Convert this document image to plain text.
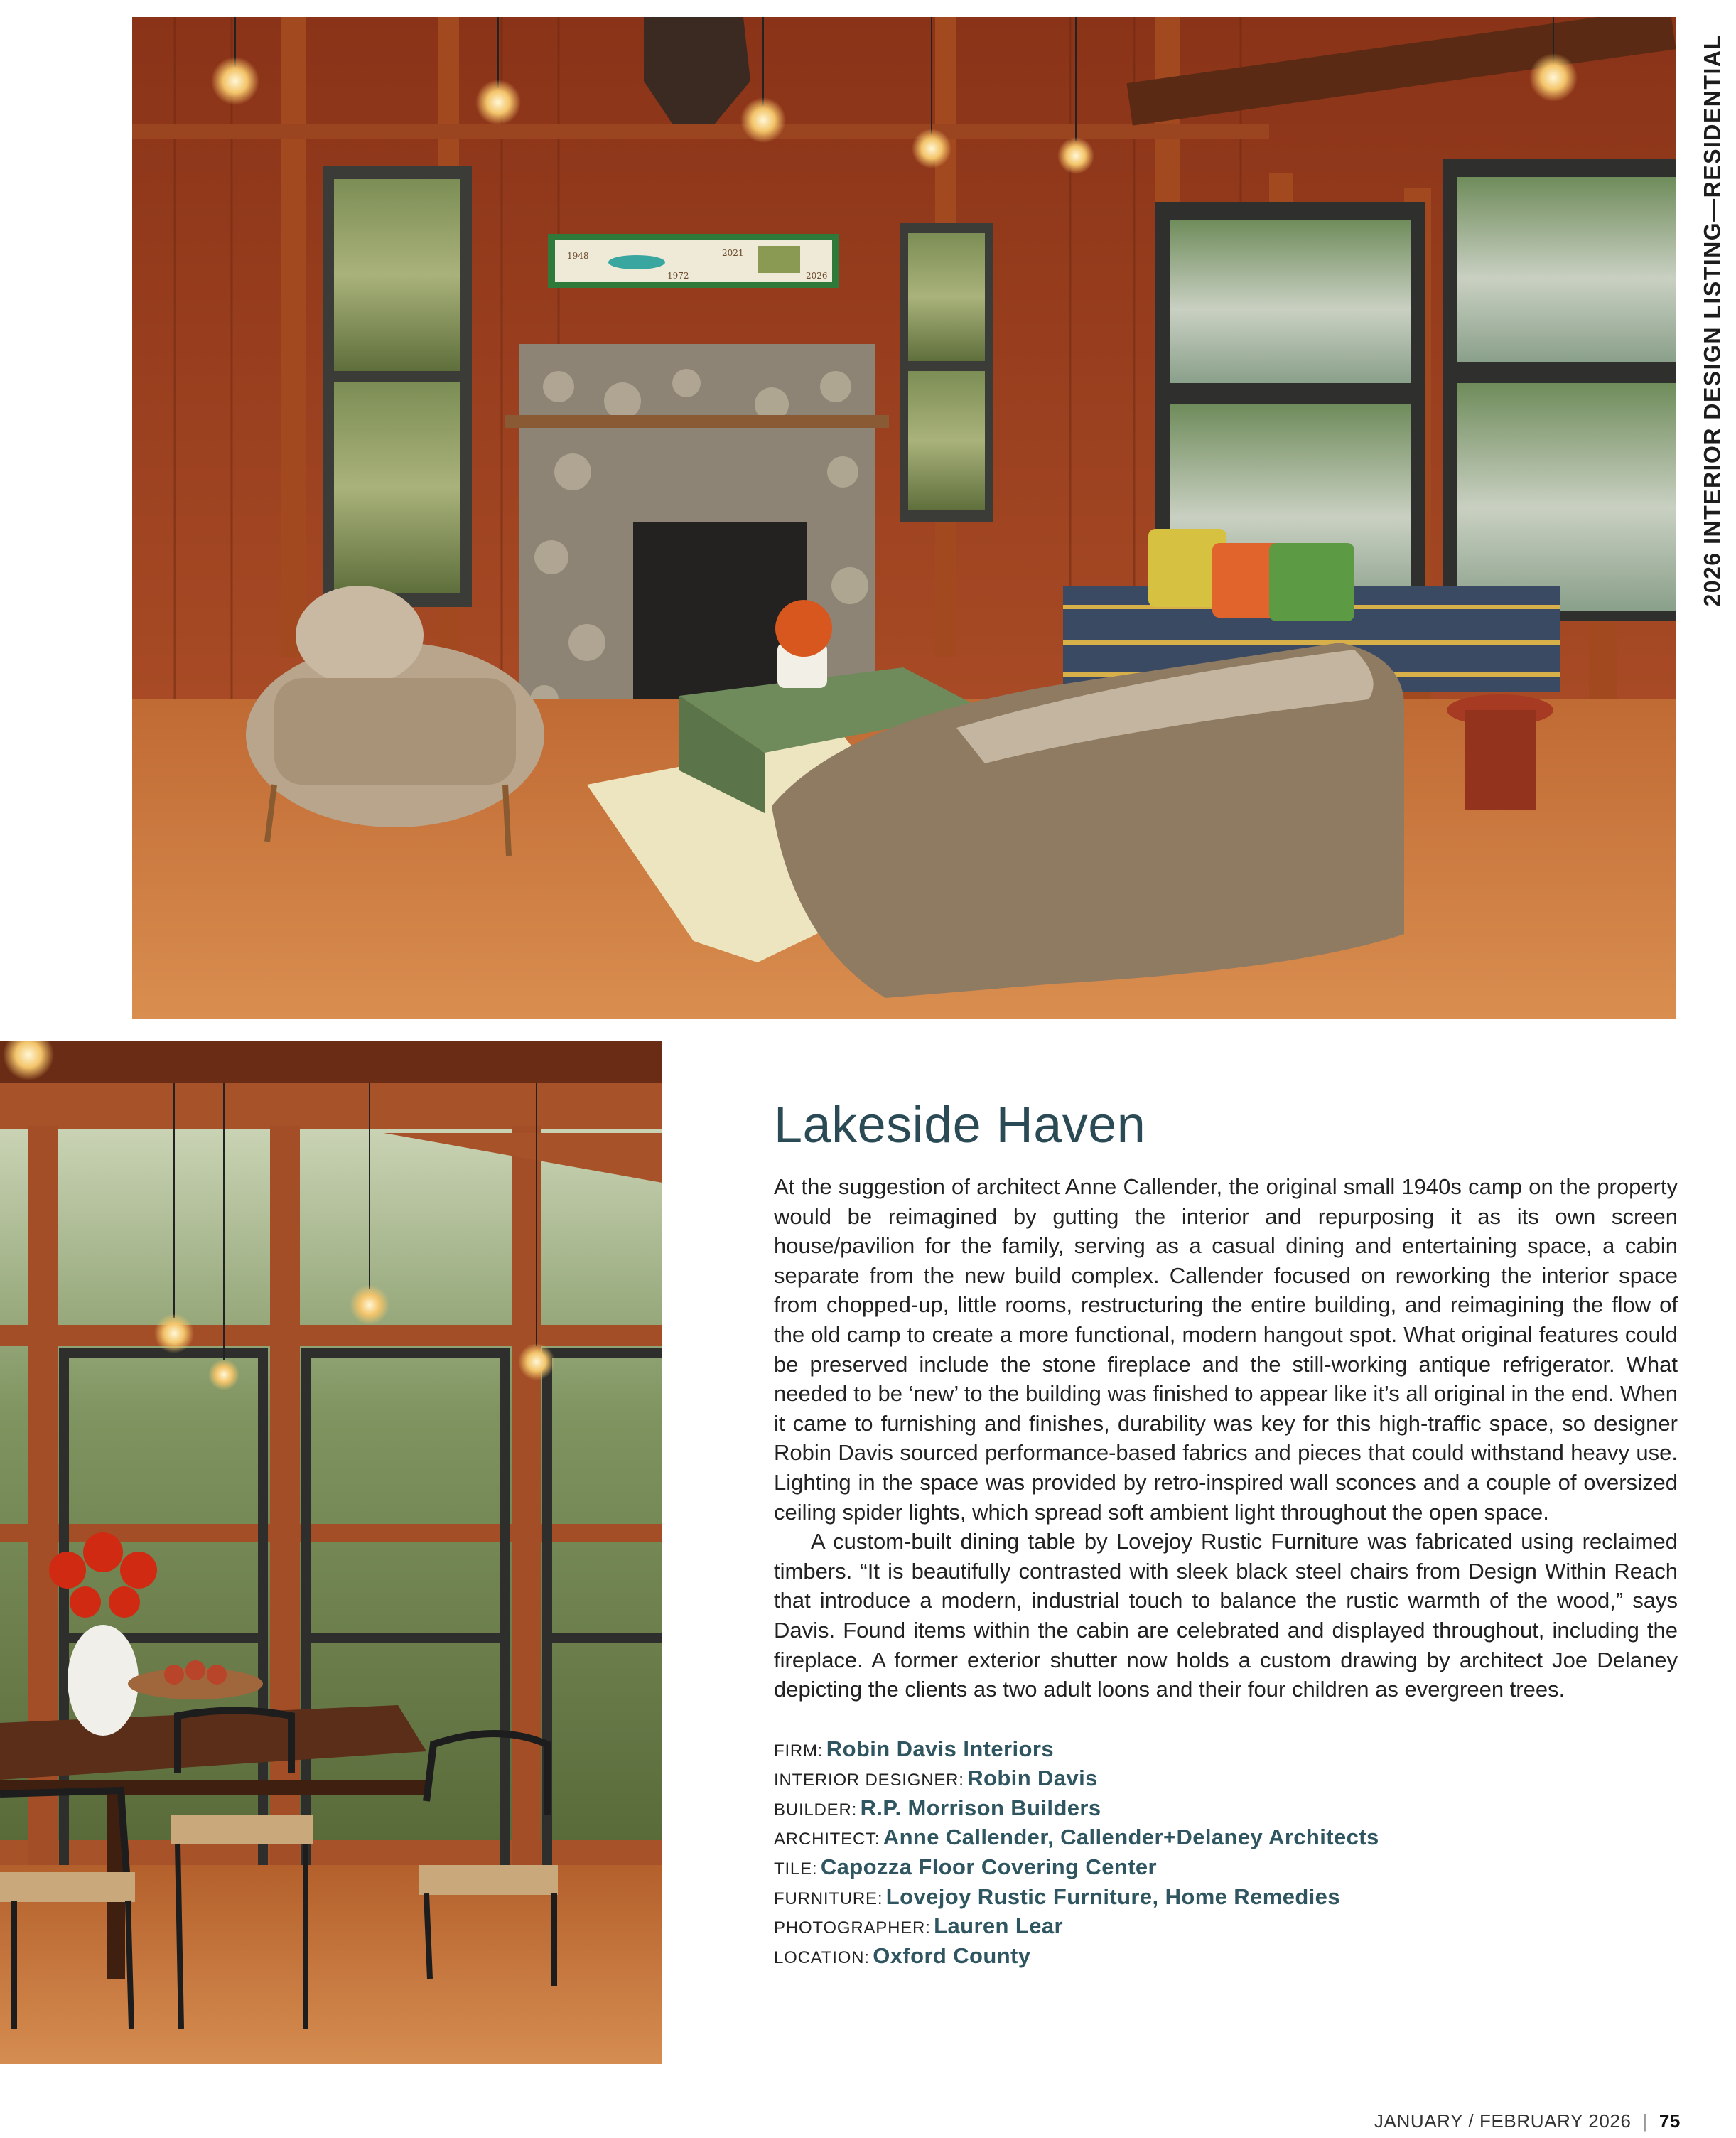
1948
1972
2021
2026	2026 INTERIOR DESIGN LISTING—RESIDENTIAL
Lakeside Haven

At the suggestion of architect Anne Callender, the original small 1940s camp on the property would be reimagined by gutting the interior and repurposing it as its own screen house/pavilion for the family, serving as a casual dining and entertaining space, a cabin separate from the new build complex. Callender focused on reworking the interior space from chopped-up, little rooms, restructuring the entire building, and reimagining the flow of the old camp to create a more functional, modern hangout spot. What original features could be preserved include the stone fireplace and the still-working antique refrigerator. What needed to be ‘new’ to the building was finished to appear like it’s all original in the end. When it came to furnishing and finishes, durability was key for this high-traffic space, so designer Robin Davis sourced performance-based fabrics and pieces that could withstand heavy use. Lighting in the space was provided by retro-inspired wall sconces and a couple of oversized ceiling spider lights, which spread soft ambient light throughout the open space.

A custom-built dining table by Lovejoy Rustic Furniture was fabricated using reclaimed timbers. “It is beautifully contrasted with sleek black steel chairs from Design Within Reach that introduce a modern, industrial touch to balance the rustic warmth of the wood,” says Davis. Found items within the cabin are celebrated and displayed throughout, including the fireplace. A former exterior shutter now holds a custom drawing by architect Joe Delaney depicting the clients as two adult loons and their four children as evergreen trees.

FIRM: Robin Davis Interiors
INTERIOR DESIGNER: Robin Davis
BUILDER: R.P. Morrison Builders
ARCHITECT: Anne Callender, Callender+Delaney Architects
TILE: Capozza Floor Covering Center
FURNITURE: Lovejoy Rustic Furniture, Home Remedies
PHOTOGRAPHER: Lauren Lear
LOCATION: Oxford County
JANUARY / FEBRUARY 2026 | 75
